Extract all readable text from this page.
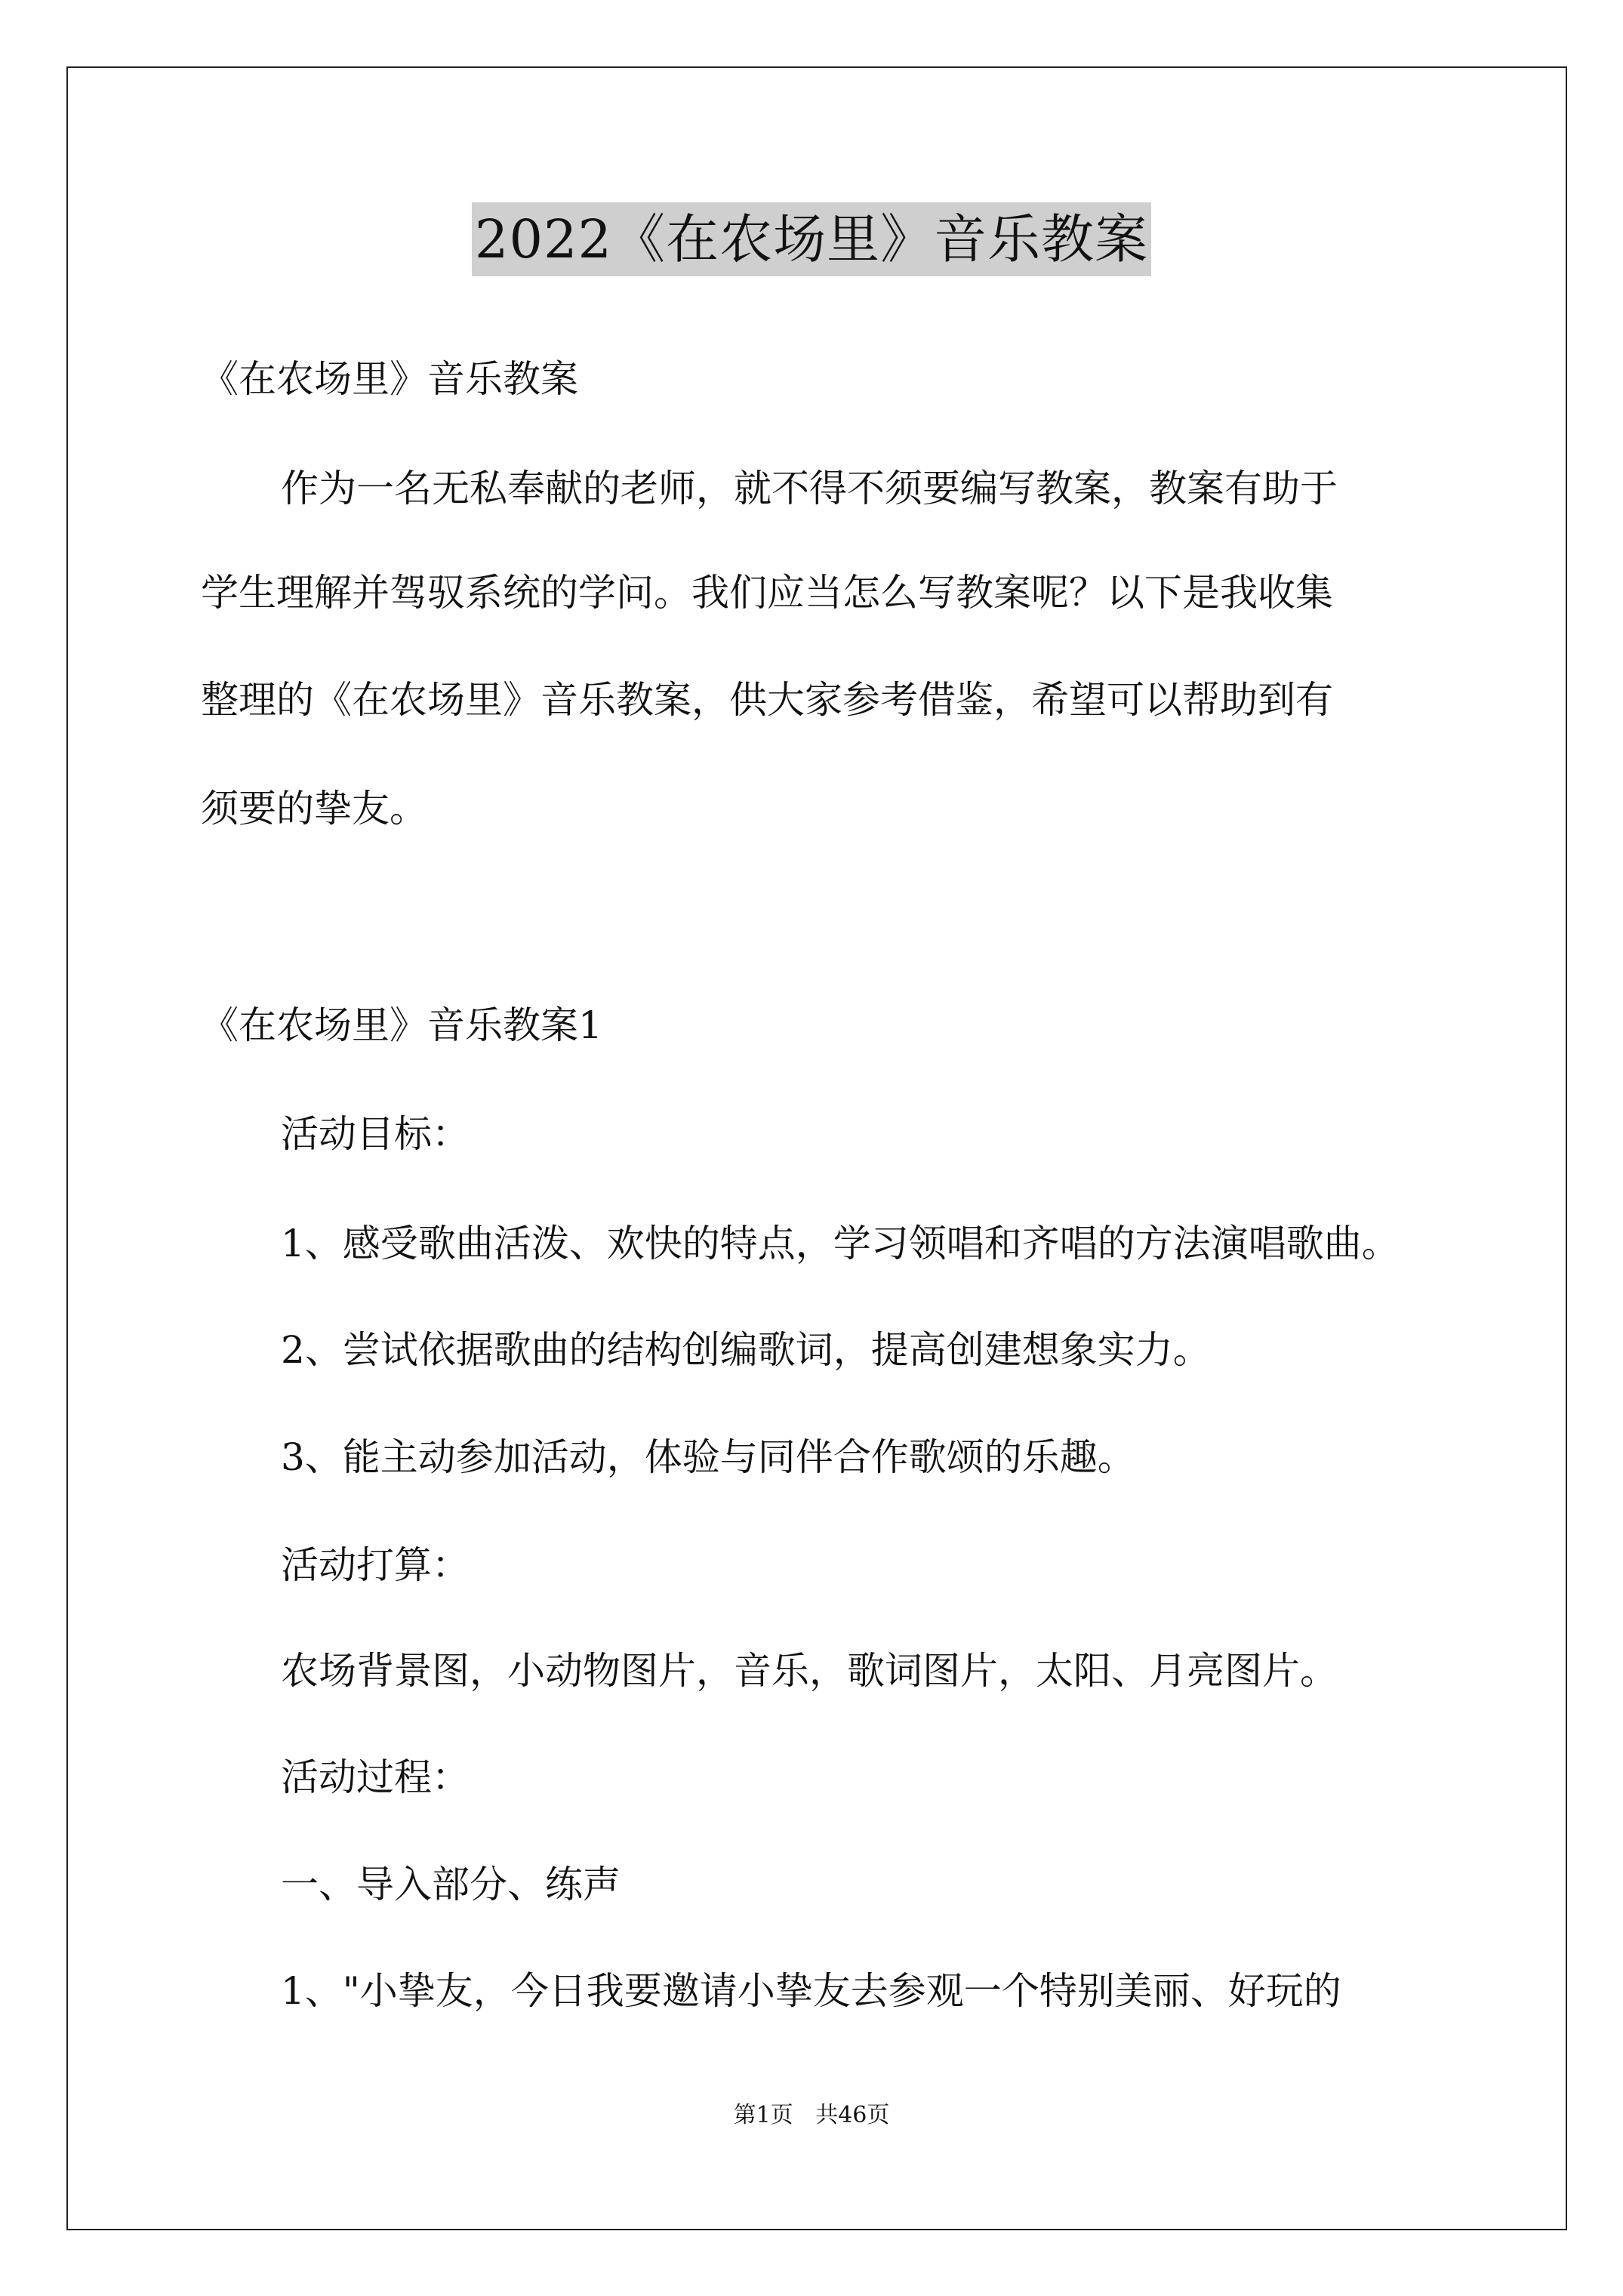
2022《在农场里》音乐教案
《在农场里》音乐教案
作为一名无私奉献的老师，就不得不须要编写教案，教案有助于
学生理解并驾驭系统的学问。我们应当怎么写教案呢？以下是我收集
整理的《在农场里》音乐教案，供大家参考借鉴，希望可以帮助到有
须要的挚友。
《在农场里》音乐教案1
活动目标：
1、感受歌曲活泼、欢快的特点，学习领唱和齐唱的方法演唱歌曲。
2、尝试依据歌曲的结构创编歌词，提高创建想象实力。
3、能主动参加活动，体验与同伴合作歌颂的乐趣。
活动打算：
农场背景图，小动物图片，音乐，歌词图片，太阳、月亮图片。
活动过程：
一、导入部分、练声
1、"小挚友，今日我要邀请小挚友去参观一个特别美丽、好玩的
第1页 共46页
